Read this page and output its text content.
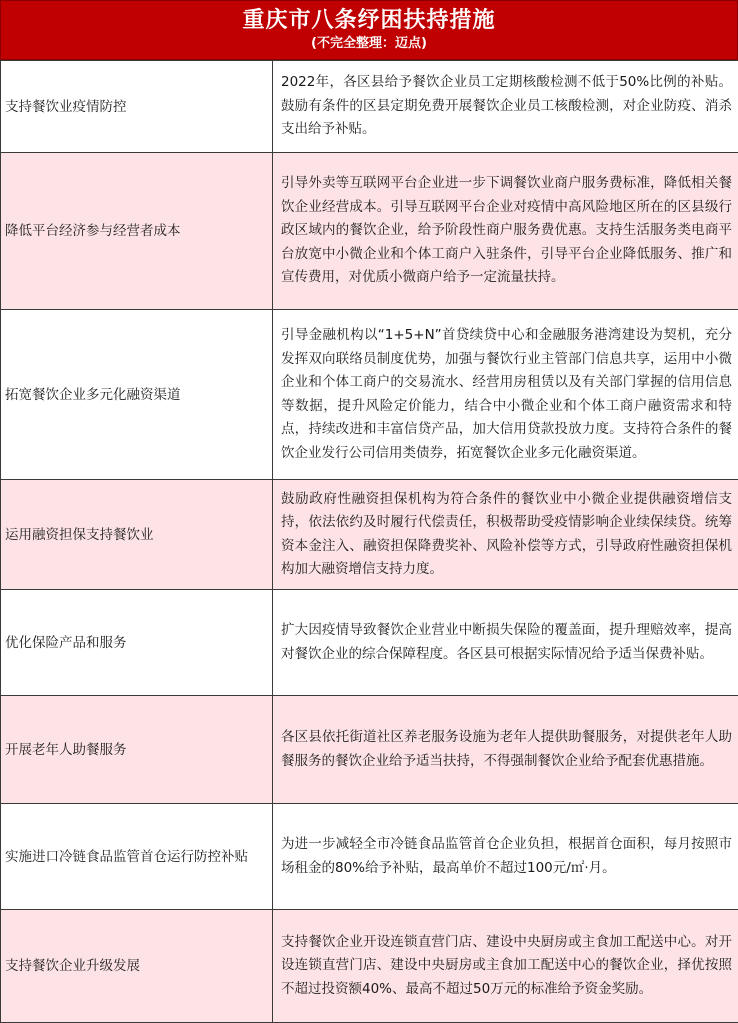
重庆市八条纾困扶持措施
(不完全整理：迈点)
支持餐饮业疫情防控	2022年，各区县给予餐饮企业员工定期核酸检测不低于50%比例的补贴。鼓励有条件的区县定期免费开展餐饮企业员工核酸检测，对企业防疫、消杀支出给予补贴。
降低平台经济参与经营者成本	引导外卖等互联网平台企业进一步下调餐饮业商户服务费标准，降低相关餐饮企业经营成本。引导互联网平台企业对疫情中高风险地区所在的区县级行政区域内的餐饮企业，给予阶段性商户服务费优惠。支持生活服务类电商平台放宽中小微企业和个体工商户入驻条件，引导平台企业降低服务、推广和宣传费用，对优质小微商户给予一定流量扶持。
拓宽餐饮企业多元化融资渠道	引导金融机构以“1+5+N”首贷续贷中心和金融服务港湾建设为契机，充分发挥双向联络员制度优势，加强与餐饮行业主管部门信息共享，运用中小微企业和个体工商户的交易流水、经营用房租赁以及有关部门掌握的信用信息等数据，提升风险定价能力，结合中小微企业和个体工商户融资需求和特点，持续改进和丰富信贷产品，加大信用贷款投放力度。支持符合条件的餐饮企业发行公司信用类债券，拓宽餐饮企业多元化融资渠道。
运用融资担保支持餐饮业	鼓励政府性融资担保机构为符合条件的餐饮业中小微企业提供融资增信支持，依法依约及时履行代偿责任，积极帮助受疫情影响企业续保续贷。统筹资本金注入、融资担保降费奖补、风险补偿等方式，引导政府性融资担保机构加大融资增信支持力度。
优化保险产品和服务	扩大因疫情导致餐饮企业营业中断损失保险的覆盖面，提升理赔效率，提高对餐饮企业的综合保障程度。各区县可根据实际情况给予适当保费补贴。
开展老年人助餐服务	各区县依托街道社区养老服务设施为老年人提供助餐服务，对提供老年人助餐服务的餐饮企业给予适当扶持，不得强制餐饮企业给予配套优惠措施。
实施进口冷链食品监管首仓运行防控补贴	为进一步减轻全市冷链食品监管首仓企业负担，根据首仓面积，每月按照市场租金的80%给予补贴，最高单价不超过100元/㎡·月。
支持餐饮企业升级发展	支持餐饮企业开设连锁直营门店、建设中央厨房或主食加工配送中心。对开设连锁直营门店、建设中央厨房或主食加工配送中心的餐饮企业，择优按照不超过投资额40%、最高不超过50万元的标准给予资金奖励。
